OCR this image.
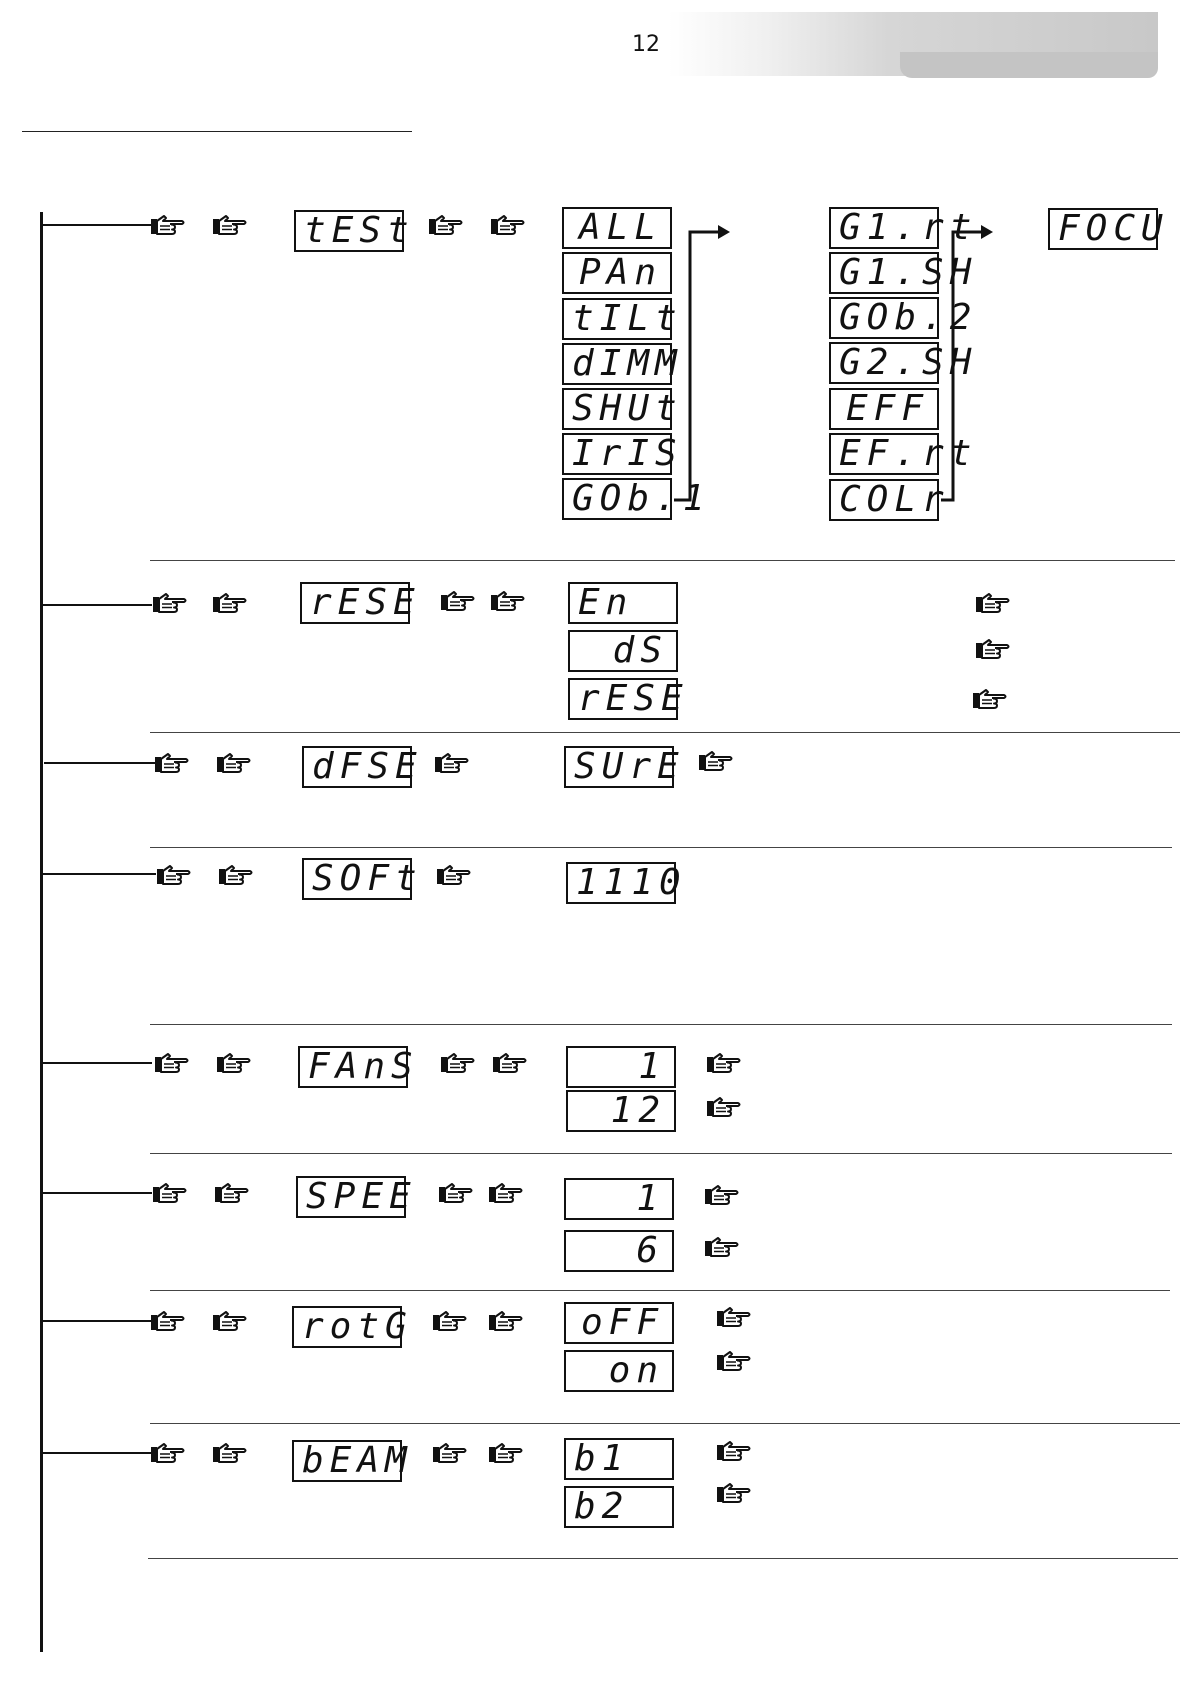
12
tESt	ALL
PAn
tILt
dIMM
SHUt
IrIS
GOb.1
G1.rt
G1.SH
GOb.2
G2.SH
EFF
EF.rt
COLr
FOCU
rESE	En
dS
rESE
dFSE	SUrE
SOFt	1110
FAnS	1
12
SPEE	1
6
rotG	oFF
on
bEAM	b1
b2
